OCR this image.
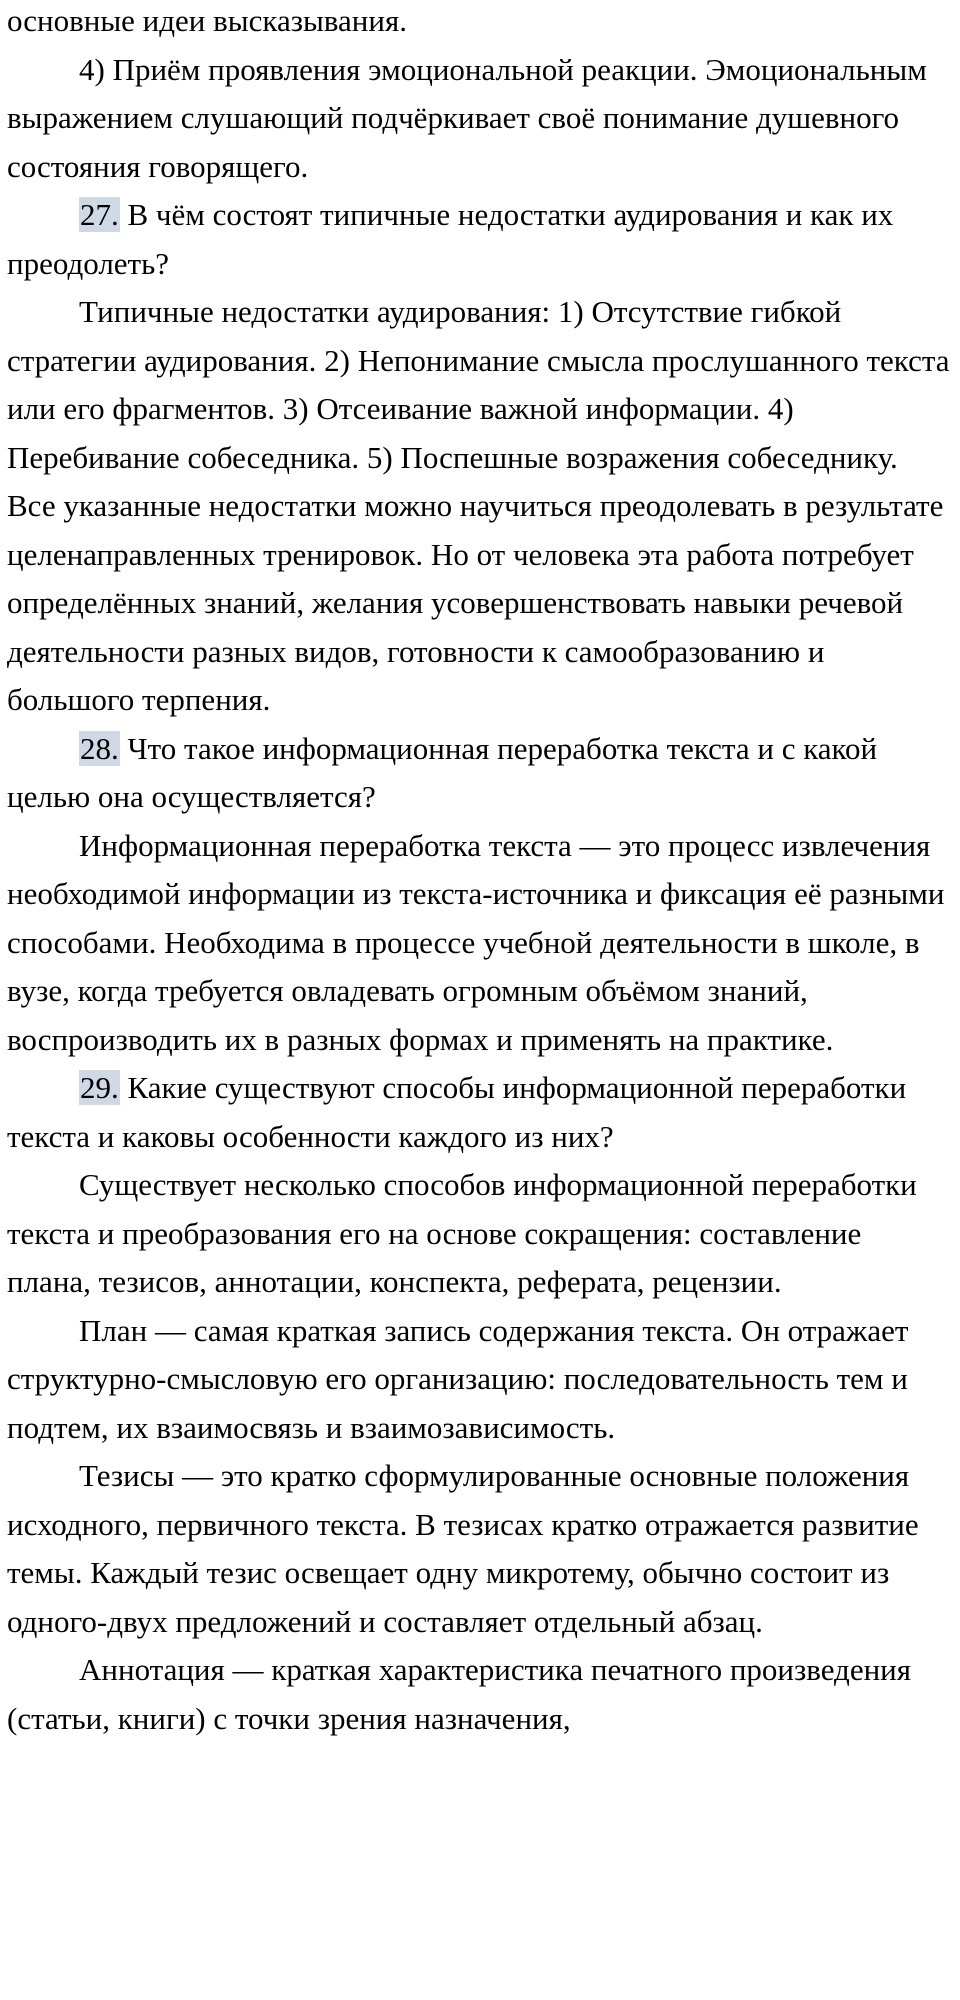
основные идеи высказывания.

4) Приём проявления эмоциональной реакции. Эмоциональным выражением слушающий подчёркивает своё понимание душевного состояния говорящего.

27. В чём состоят типичные недостатки аудирования и как их преодолеть?

Типичные недостатки аудирования: 1) Отсутствие гибкой стратегии аудирования. 2) Непонимание смысла прослушанного текста или его фрагментов. 3) Отсеивание важной информации. 4) Перебивание собеседника. 5) Поспешные возражения собеседнику. Все указанные недостатки можно научиться преодолевать в результате целенаправленных тренировок. Но от человека эта работа потребует определённых знаний, желания усовершенствовать навыки речевой деятельности разных видов, готовности к самообразованию и большого терпения.

28. Что такое информационная переработка текста и с какой целью она осуществляется?

Информационная переработка текста — это процесс извлечения необходимой информации из текста-источника и фиксация её разными способами. Необходима в процессе учебной деятельности в школе, в вузе, когда требуется овладевать огромным объёмом знаний, воспроизводить их в разных формах и применять на практике.

29. Какие существуют способы информационной переработки текста и каковы особенности каждого из них?

Существует несколько способов информационной переработки текста и преобразования его на основе сокращения: составление плана, тезисов, аннотации, конспекта, реферата, рецензии.

План — самая краткая запись содержания текста. Он отражает структурно-смысловую его организацию: последовательность тем и подтем, их взаимосвязь и взаимозависимость.

Тезисы — это кратко сформулированные основные положения исходного, первичного текста. В тезисах кратко отражается развитие темы. Каждый тезис освещает одну микротему, обычно состоит из одного-двух предложений и составляет отдельный абзац.

Аннотация — краткая характеристика печатного произведения (статьи, книги) с точки зрения назначения,
